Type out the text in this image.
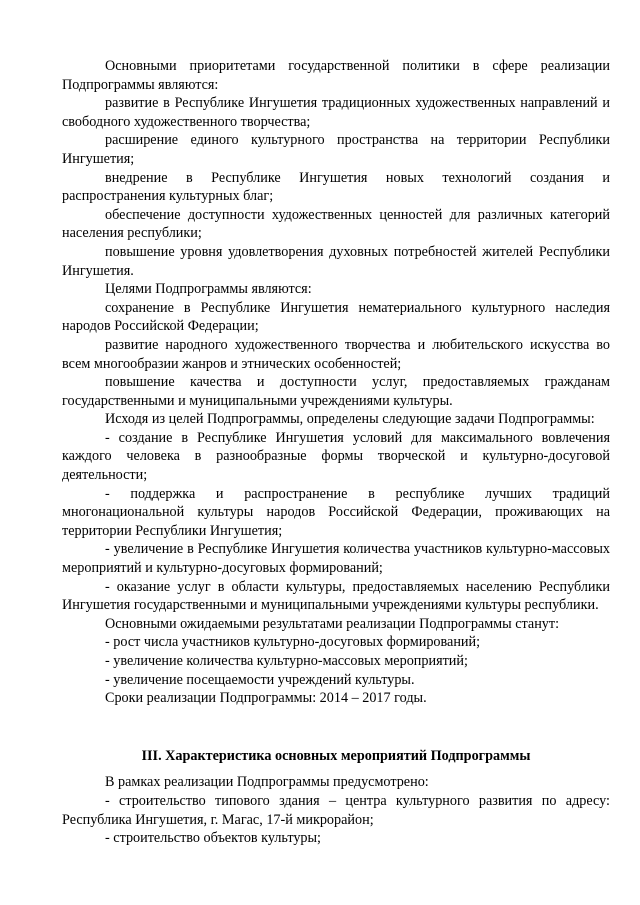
Основными приоритетами государственной политики в сфере реализации Подпрограммы являются:

развитие в Республике Ингушетия традиционных художественных направлений и свободного художественного творчества;

расширение единого культурного пространства на территории Республики Ингушетия;

внедрение в Республике Ингушетия новых технологий создания и распространения культурных благ;

обеспечение доступности художественных ценностей для различных категорий населения республики;

повышение уровня удовлетворения духовных потребностей жителей Республики Ингушетия.

Целями Подпрограммы являются:

сохранение в Республике Ингушетия нематериального культурного наследия народов Российской Федерации;

развитие народного художественного творчества и любительского искусства во всем многообразии жанров и этнических особенностей;

повышение качества и доступности услуг, предоставляемых гражданам государственными и муниципальными учреждениями культуры.

Исходя из целей Подпрограммы, определены следующие задачи Подпрограммы:

- создание в Республике Ингушетия условий для максимального вовлечения каждого человека в разнообразные формы творческой и культурно-досуговой деятельности;

- поддержка и распространение в республике лучших традиций многонациональной культуры народов Российской Федерации, проживающих на территории Республики Ингушетия;

- увеличение в Республике Ингушетия количества участников культурно-массовых мероприятий и культурно-досуговых формирований;

- оказание услуг в области культуры, предоставляемых населению Республики Ингушетия государственными и муниципальными учреждениями культуры республики.

Основными ожидаемыми результатами реализации Подпрограммы станут:

- рост числа участников культурно-досуговых формирований;

- увеличение количества культурно-массовых мероприятий;

- увеличение посещаемости учреждений культуры.

Сроки реализации Подпрограммы: 2014 – 2017 годы.

III. Характеристика основных мероприятий Подпрограммы

В рамках реализации Подпрограммы предусмотрено:

- строительство типового здания – центра культурного развития по адресу: Республика Ингушетия, г. Магас, 17-й микрорайон;

- строительство объектов культуры;
